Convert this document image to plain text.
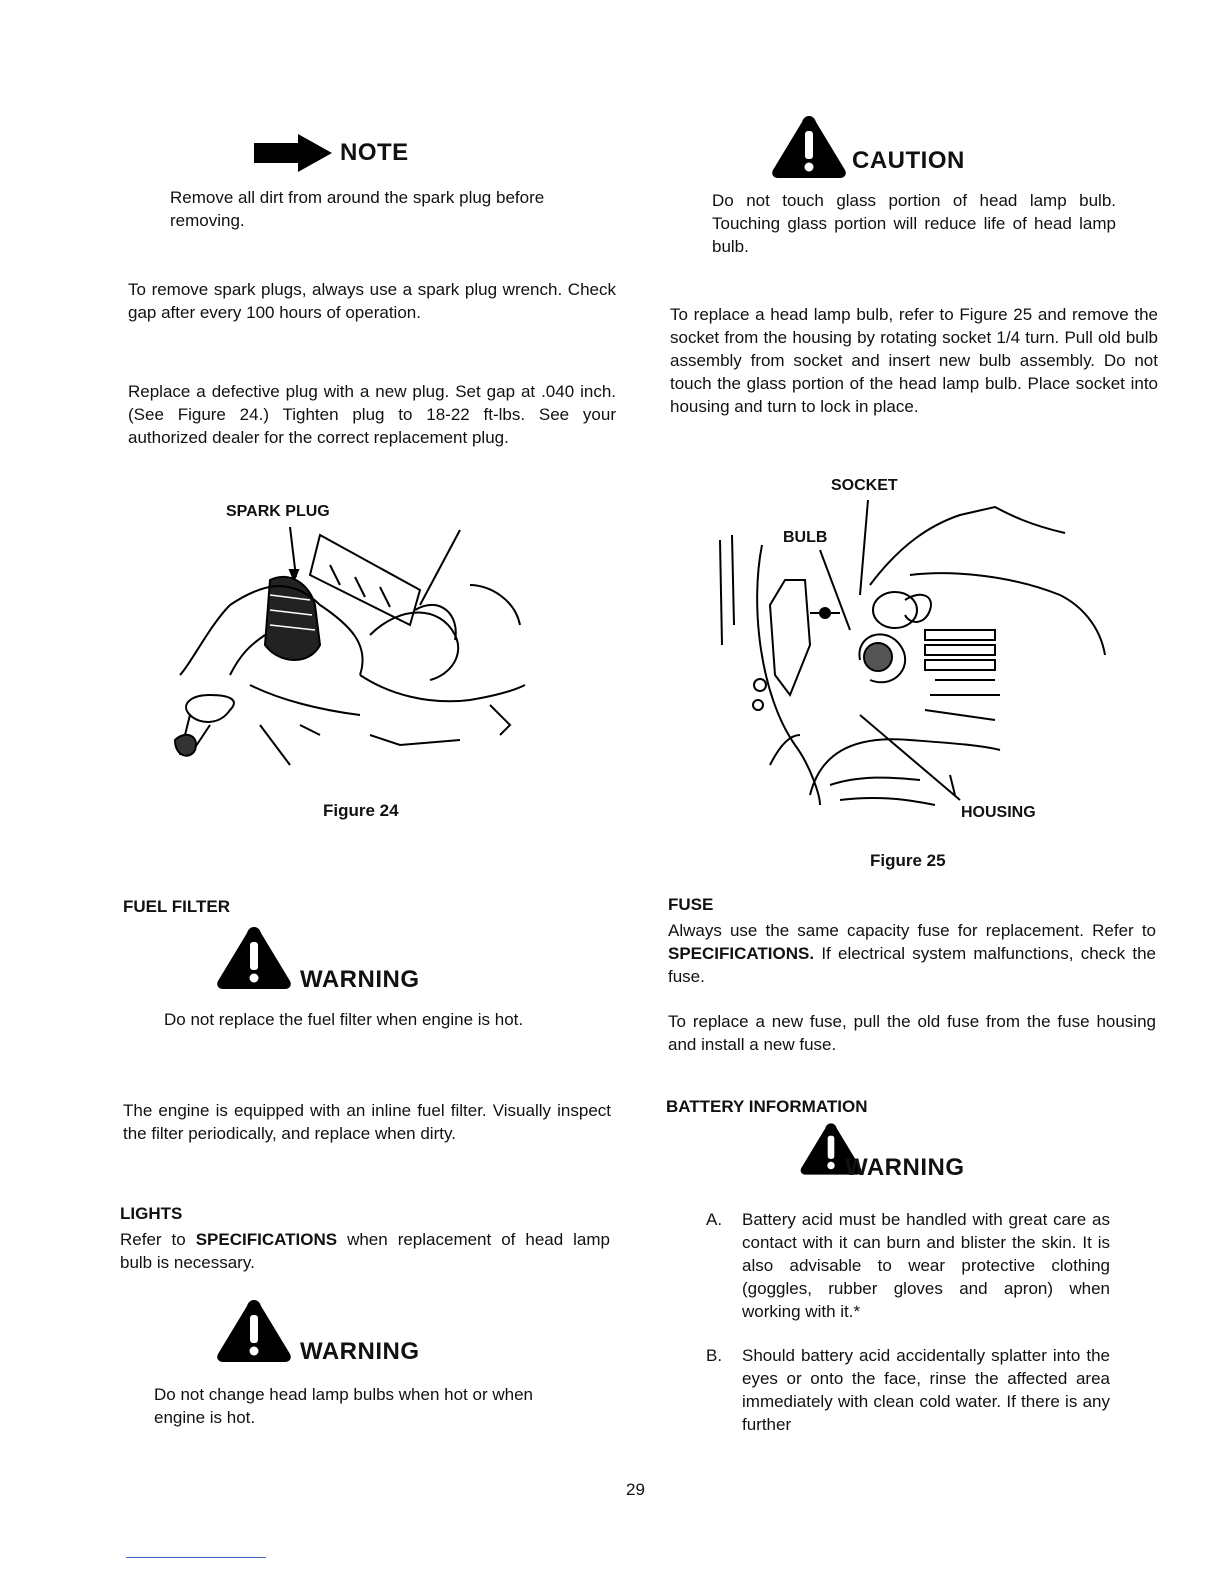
NOTE
Remove all dirt from around the spark plug before removing.
To remove spark plugs, always use a spark plug wrench. Check gap after every 100 hours of operation.
Replace a defective plug with a new plug. Set gap at .040 inch. (See Figure 24.) Tighten plug to 18-22 ft-lbs. See your authorized dealer for the correct replacement plug.
SPARK PLUG
Figure 24
FUEL FILTER
WARNING
Do not replace the fuel filter when engine is hot.
The engine is equipped with an inline fuel filter. Visually inspect the filter periodically, and replace when dirty.
LIGHTS
Refer to SPECIFICATIONS when replacement of head lamp bulb is necessary.
WARNING
Do not change head lamp bulbs when hot or when engine is hot.
CAUTION
Do not touch glass portion of head lamp bulb. Touching glass portion will reduce life of head lamp bulb.
To replace a head lamp bulb, refer to Figure 25 and remove the socket from the housing by rotating socket 1/4 turn. Pull old bulb assembly from socket and insert new bulb assembly. Do not touch the glass portion of the head lamp bulb. Place socket into housing and turn to lock in place.
SOCKET
BULB
HOUSING
Figure 25
FUSE
Always use the same capacity fuse for replacement. Refer to SPECIFICATIONS. If electrical system malfunctions, check the fuse.
To replace a new fuse, pull the old fuse from the fuse housing and install a new fuse.
BATTERY INFORMATION
WARNING
A. Battery acid must be handled with great care as contact with it can burn and blister the skin. It is also advisable to wear protective clothing (goggles, rubber gloves and apron) when working with it.*
B. Should battery acid accidentally splatter into the eyes or onto the face, rinse the affected area immediately with clean cold water. If there is any further
29
